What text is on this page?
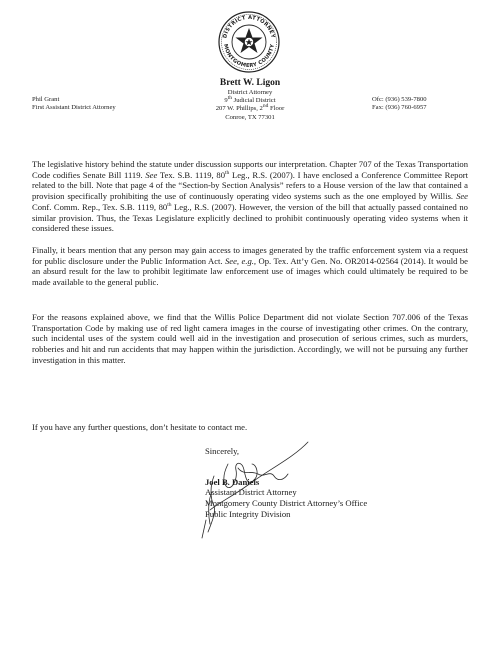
DISTRICT ATTORNEY
MONTGOMERY COUNTY
Brett W. Ligon
District Attorney
9th Judicial District
207 W. Phillips, 2nd Floor
Conroe, TX 77301
Phil Grant
First Assistant District Attorney
Ofc: (936) 539-7800
Fax: (936) 760-6957

The legislative history behind the statute under discussion supports our interpretation. Chapter 707 of the Texas Transportation Code codifies Senate Bill 1119. See Tex. S.B. 1119, 80th Leg., R.S. (2007). I have enclosed a Conference Committee Report related to the bill. Note that page 4 of the “Section-by Section Analysis” refers to a House version of the law that contained a provision specifically prohibiting the use of continuously operating video systems such as the one employed by Willis. See Conf. Comm. Rep., Tex. S.B. 1119, 80th Leg., R.S. (2007). However, the version of the bill that actually passed contained no similar provision. Thus, the Texas Legislature explicitly declined to prohibit continuously operating video systems when it considered these issues.

Finally, it bears mention that any person may gain access to images generated by the traffic enforcement system via a request for public disclosure under the Public Information Act. See, e.g., Op. Tex. Att’y Gen. No. OR2014-02564 (2014). It would be an absurd result for the law to prohibit legitimate law enforcement use of images which could ultimately be required to be made available to the general public.

For the reasons explained above, we find that the Willis Police Department did not violate Section 707.006 of the Texas Transportation Code by making use of red light camera images in the course of investigating other crimes. On the contrary, such incidental uses of the system could well aid in the investigation and prosecution of serious crimes, such as murders, robberies and hit and run accidents that may happen within the jurisdiction. Accordingly, we will not be pursuing any further investigation in this matter.

If you have any further questions, don’t hesitate to contact me.

Sincerely,
Joel B. Daniels
Assistant District Attorney
Montgomery County District Attorney’s Office
Public Integrity Division
